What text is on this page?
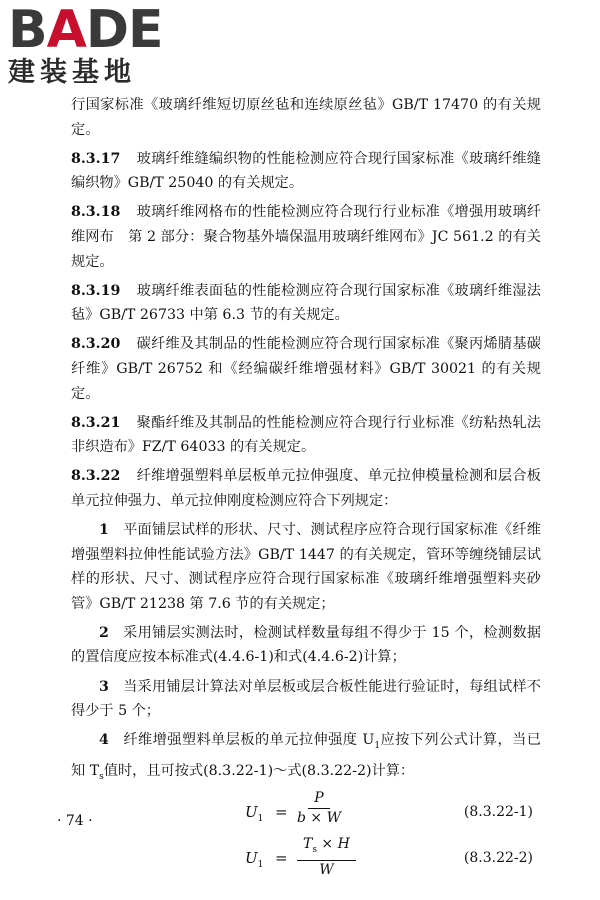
BADE
建装基地

行国家标准《玻璃纤维短切原丝毡和连续原丝毡》GB/T 17470 的有关规定。

8.3.17 玻璃纤维缝编织物的性能检测应符合现行国家标准《玻璃纤维缝编织物》GB/T 25040 的有关规定。

8.3.18 玻璃纤维网格布的性能检测应符合现行行业标准《增强用玻璃纤维网布　第 2 部分：聚合物基外墙保温用玻璃纤维网布》JC 561.2 的有关规定。

8.3.19 玻璃纤维表面毡的性能检测应符合现行国家标准《玻璃纤维湿法毡》GB/T 26733 中第 6.3 节的有关规定。

8.3.20 碳纤维及其制品的性能检测应符合现行国家标准《聚丙烯腈基碳纤维》GB/T 26752 和《经编碳纤维增强材料》GB/T 30021 的有关规定。

8.3.21 聚酯纤维及其制品的性能检测应符合现行行业标准《纺粘热轧法非织造布》FZ/T 64033 的有关规定。

8.3.22 纤维增强塑料单层板单元拉伸强度、单元拉伸模量检测和层合板单元拉伸强力、单元拉伸刚度检测应符合下列规定：

1 平面铺层试样的形状、尺寸、测试程序应符合现行国家标准《纤维增强塑料拉伸性能试验方法》GB/T 1447 的有关规定，管环等缠绕铺层试样的形状、尺寸、测试程序应符合现行国家标准《玻璃纤维增强塑料夹砂管》GB/T 21238 第 7.6 节的有关规定；

2 采用铺层实测法时，检测试样数量每组不得少于 15 个，检测数据的置信度应按本标准式(4.4.6-1)和式(4.4.6-2)计算；

3 当采用铺层计算法对单层板或层合板性能进行验证时，每组试样不得少于 5 个；

4 纤维增强塑料单层板的单元拉伸强度 $U_1$应按下列公式计算，当已知 $T_s$值时，且可按式(8.3.22-1)～式(8.3.22-2)计算：

$U_1 = \frac{P}{b \times W}$	(8.3.22-1)
$U_1 = \frac{T_s \times H}{W}$	(8.3.22-2)
· 74 ·
